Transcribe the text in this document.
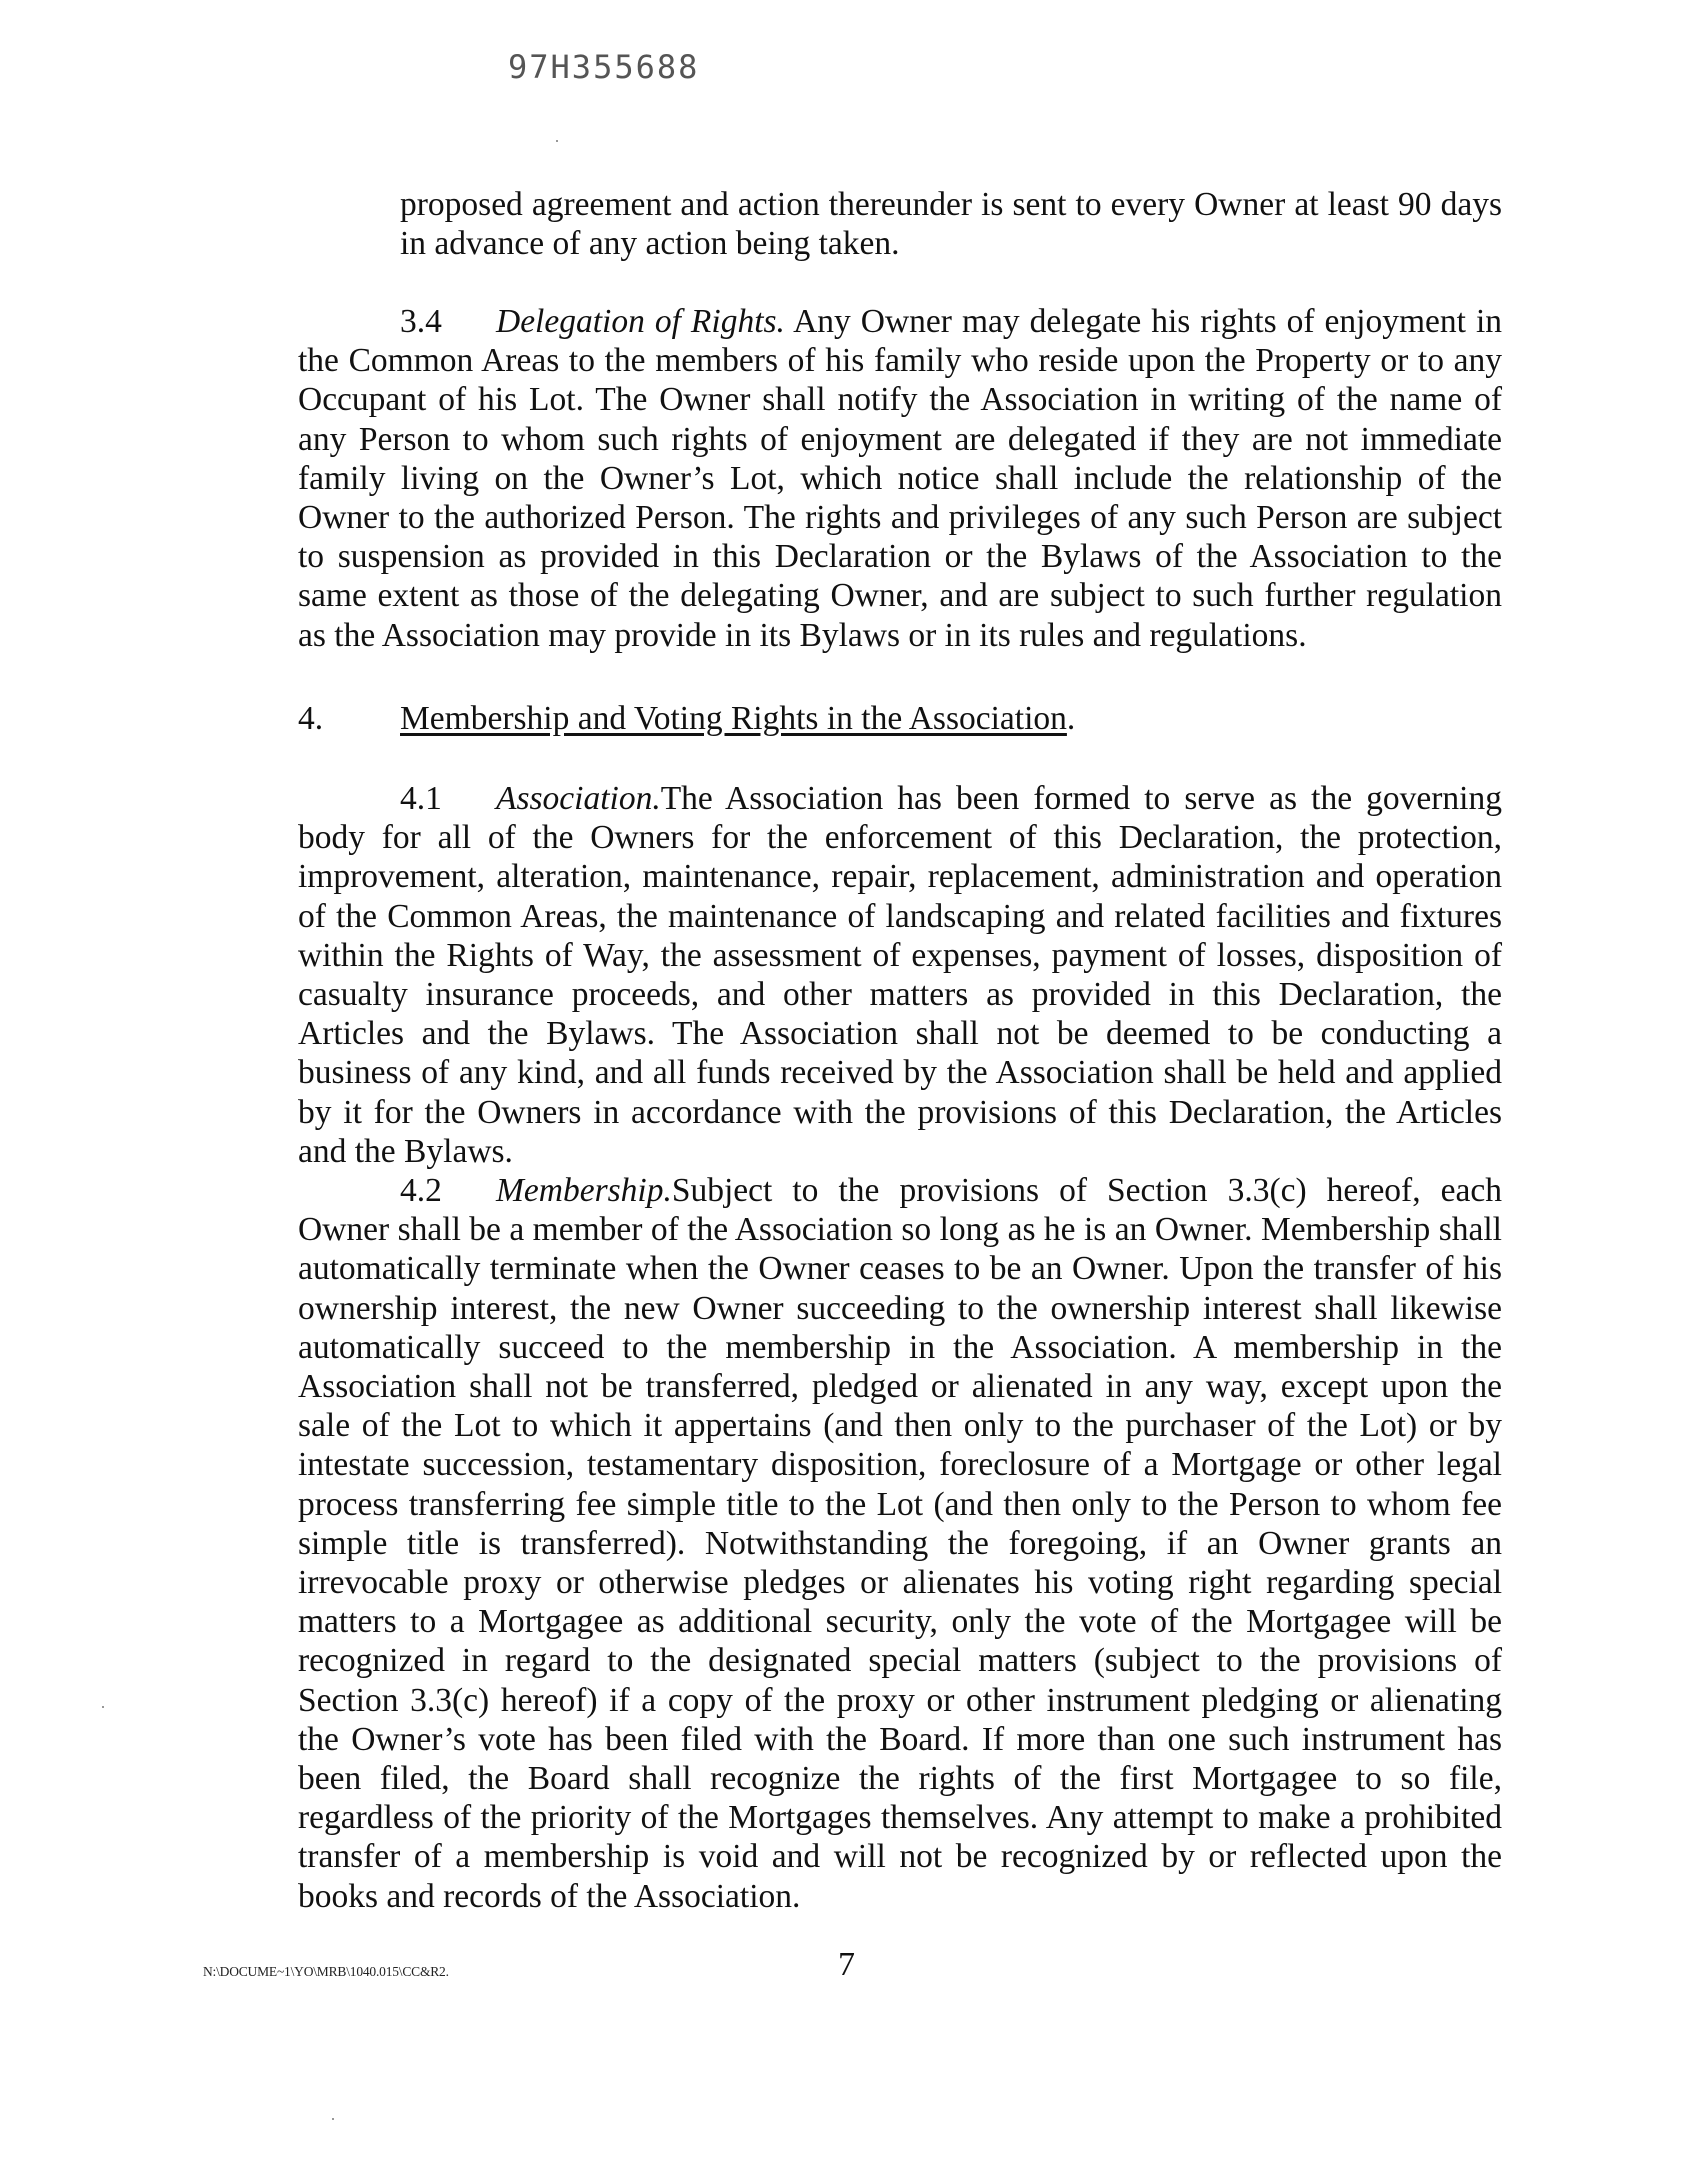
97H355688

proposed agreement and action thereunder is sent to every Owner at least 90 days in advance of any action being taken.

3.4 Delegation of Rights. Any Owner may delegate his rights of enjoyment in the Common Areas to the members of his family who reside upon the Property or to any Occupant of his Lot. The Owner shall notify the Association in writing of the name of any Person to whom such rights of enjoyment are delegated if they are not immediate family living on the Owner’s Lot, which notice shall include the relationship of the Owner to the authorized Person. The rights and privileges of any such Person are subject to suspension as provided in this Declaration or the Bylaws of the Association to the same extent as those of the delegating Owner, and are subject to such further regulation as the Association may provide in its Bylaws or in its rules and regulations.

4. Membership and Voting Rights in the Association.

4.1 Association.The Association has been formed to serve as the governing body for all of the Owners for the enforcement of this Declaration, the protection, improvement, alteration, maintenance, repair, replacement, administration and operation of the Common Areas, the maintenance of landscaping and related facilities and fixtures within the Rights of Way, the assessment of expenses, payment of losses, disposition of casualty insurance proceeds, and other matters as provided in this Declaration, the Articles and the Bylaws. The Association shall not be deemed to be conducting a business of any kind, and all funds received by the Association shall be held and applied by it for the Owners in accordance with the provisions of this Declaration, the Articles and the Bylaws.

4.2 Membership.Subject to the provisions of Section 3.3(c) hereof, each Owner shall be a member of the Association so long as he is an Owner. Membership shall automatically terminate when the Owner ceases to be an Owner. Upon the transfer of his ownership interest, the new Owner succeeding to the ownership interest shall likewise automatically succeed to the membership in the Association. A membership in the Association shall not be transferred, pledged or alienated in any way, except upon the sale of the Lot to which it appertains (and then only to the purchaser of the Lot) or by intestate succession, testamentary disposition, foreclosure of a Mortgage or other legal process transferring fee simple title to the Lot (and then only to the Person to whom fee simple title is transferred). Notwithstanding the foregoing, if an Owner grants an irrevocable proxy or otherwise pledges or alienates his voting right regarding special matters to a Mortgagee as additional security, only the vote of the Mortgagee will be recognized in regard to the designated special matters (subject to the provisions of Section 3.3(c) hereof) if a copy of the proxy or other instrument pledging or alienating the Owner’s vote has been filed with the Board. If more than one such instrument has been filed, the Board shall recognize the rights of the first Mortgagee to so file, regardless of the priority of the Mortgages themselves. Any attempt to make a prohibited transfer of a membership is void and will not be recognized by or reflected upon the books and records of the Association.

N:\DOCUME~1\YO\MRB\1040.015\CC&R2.	7
